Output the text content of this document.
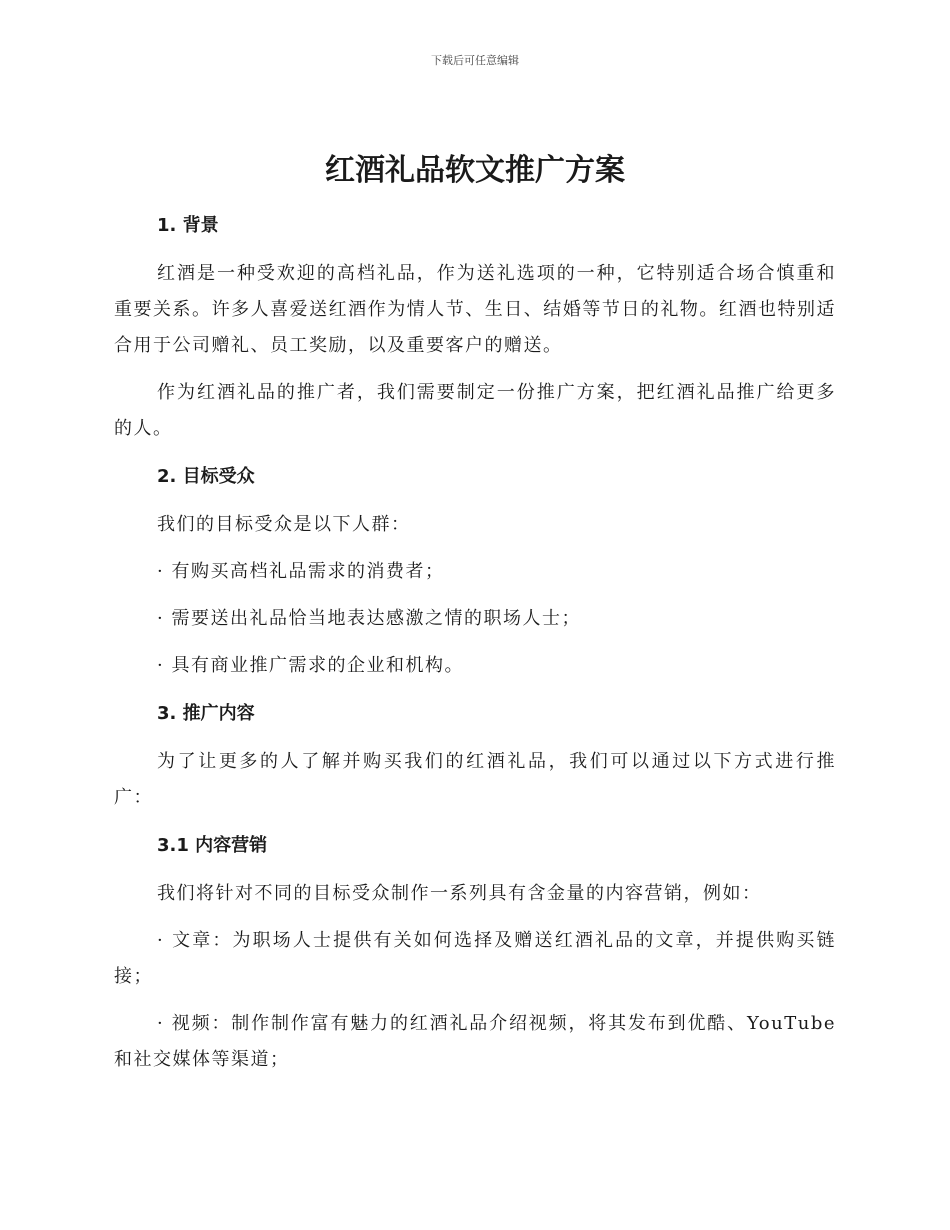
下载后可任意编辑
红酒礼品软文推广方案
1. 背景

红酒是一种受欢迎的高档礼品，作为送礼选项的一种，它特别适合场合慎重和重要关系。许多人喜爱送红酒作为情人节、生日、结婚等节日的礼物。红酒也特别适合用于公司赠礼、员工奖励，以及重要客户的赠送。

作为红酒礼品的推广者，我们需要制定一份推广方案，把红酒礼品推广给更多的人。

2. 目标受众

我们的目标受众是以下人群：

· 有购买高档礼品需求的消费者；

· 需要送出礼品恰当地表达感激之情的职场人士；

· 具有商业推广需求的企业和机构。

3. 推广内容

为了让更多的人了解并购买我们的红酒礼品，我们可以通过以下方式进行推广：

3.1 内容营销

我们将针对不同的目标受众制作一系列具有含金量的内容营销，例如：

· 文章：为职场人士提供有关如何选择及赠送红酒礼品的文章，并提供购买链接；

· 视频：制作制作富有魅力的红酒礼品介绍视频，将其发布到优酷、YouTube 和社交媒体等渠道；
